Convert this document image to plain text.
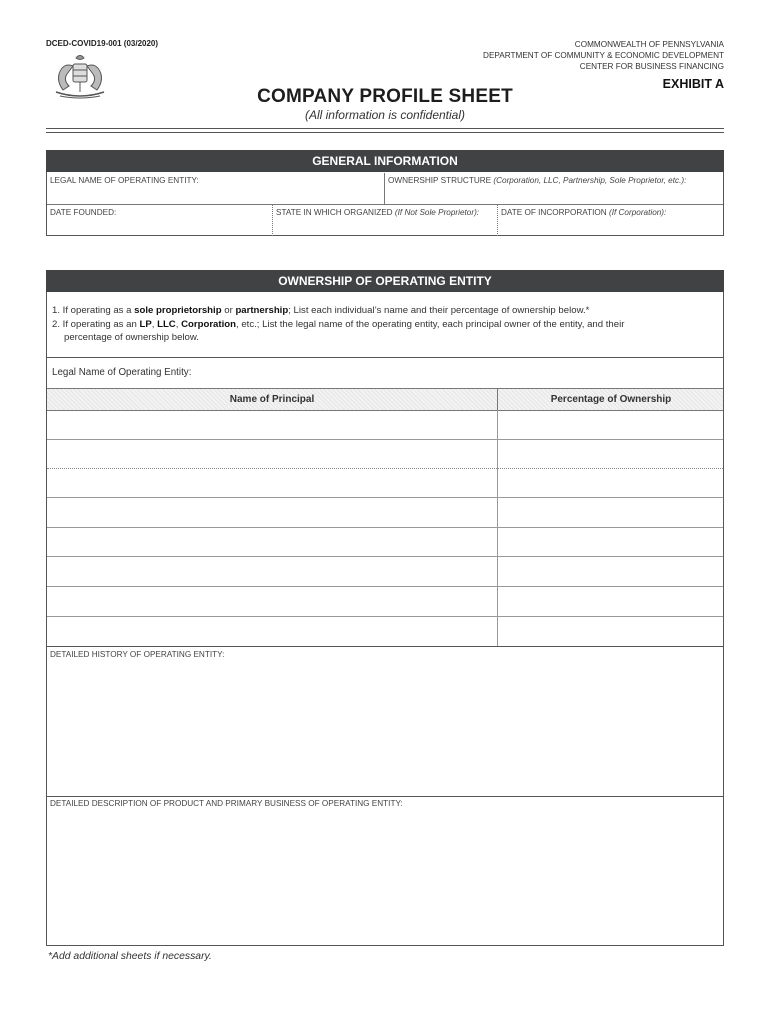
DCED-COVID19-001 (03/2020)	COMMONWEALTH OF PENNSYLVANIA
DEPARTMENT OF COMMUNITY & ECONOMIC DEVELOPMENT
CENTER FOR BUSINESS FINANCING
EXHIBIT A
COMPANY PROFILE SHEET
(All information is confidential)
GENERAL INFORMATION
LEGAL NAME OF OPERATING ENTITY:	OWNERSHIP STRUCTURE (Corporation, LLC, Partnership, Sole Proprietor, etc.):
DATE FOUNDED:	STATE IN WHICH ORGANIZED (If Not Sole Proprietor):	DATE OF INCORPORATION (If Corporation):
OWNERSHIP OF OPERATING ENTITY
1. If operating as a sole proprietorship or partnership; List each individual’s name and their percentage of ownership below.*
2. If operating as an LP, LLC, Corporation, etc.; List the legal name of the operating entity, each principal owner of the entity, and their
percentage of ownership below.
Legal Name of Operating Entity:
Name of Principal	Percentage of Ownership
DETAILED HISTORY OF OPERATING ENTITY:
DETAILED DESCRIPTION OF PRODUCT AND PRIMARY BUSINESS OF OPERATING ENTITY:
*Add additional sheets if necessary.
